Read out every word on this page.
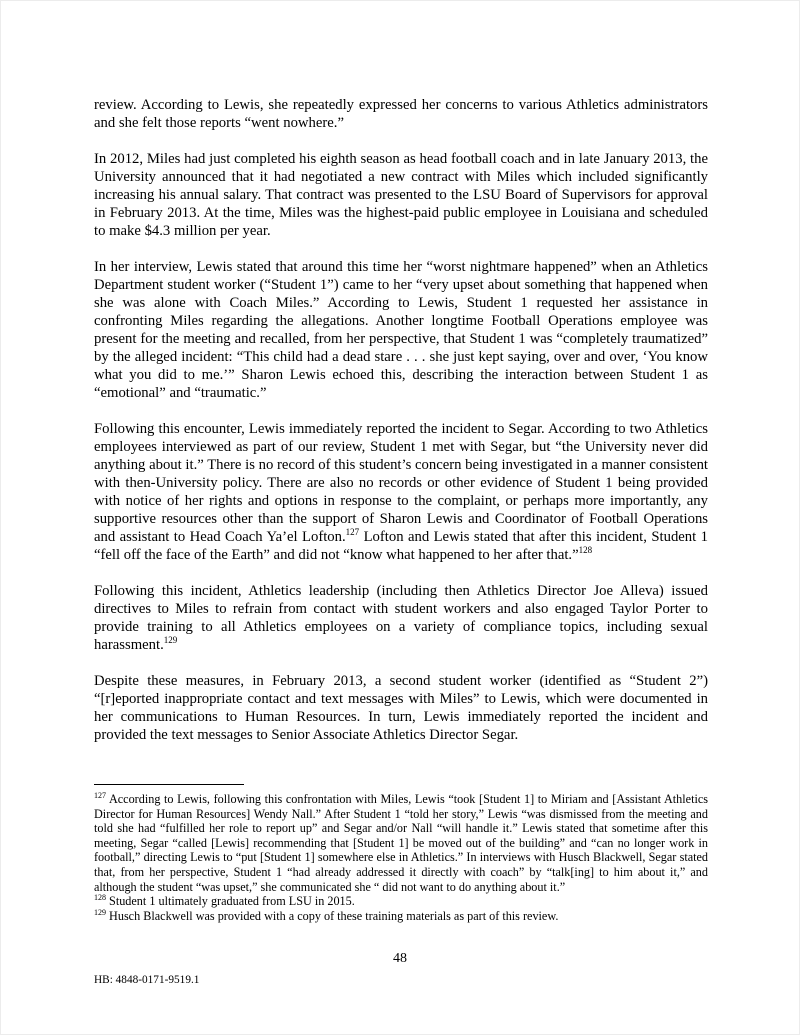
review. According to Lewis, she repeatedly expressed her concerns to various Athletics administrators and she felt those reports “went nowhere.”

In 2012, Miles had just completed his eighth season as head football coach and in late January 2013, the University announced that it had negotiated a new contract with Miles which included significantly increasing his annual salary. That contract was presented to the LSU Board of Supervisors for approval in February 2013. At the time, Miles was the highest-paid public employee in Louisiana and scheduled to make $4.3 million per year.

In her interview, Lewis stated that around this time her “worst nightmare happened” when an Athletics Department student worker (“Student 1”) came to her “very upset about something that happened when she was alone with Coach Miles.” According to Lewis, Student 1 requested her assistance in confronting Miles regarding the allegations. Another longtime Football Operations employee was present for the meeting and recalled, from her perspective, that Student 1 was “completely traumatized” by the alleged incident: “This child had a dead stare . . . she just kept saying, over and over, ‘You know what you did to me.’” Sharon Lewis echoed this, describing the interaction between Student 1 as “emotional” and “traumatic.”

Following this encounter, Lewis immediately reported the incident to Segar. According to two Athletics employees interviewed as part of our review, Student 1 met with Segar, but “the University never did anything about it.” There is no record of this student’s concern being investigated in a manner consistent with then-University policy. There are also no records or other evidence of Student 1 being provided with notice of her rights and options in response to the complaint, or perhaps more importantly, any supportive resources other than the support of Sharon Lewis and Coordinator of Football Operations and assistant to Head Coach Ya’el Lofton.$^{127}$ Lofton and Lewis stated that after this incident, Student 1 “fell off the face of the Earth” and did not “know what happened to her after that.”$^{128}$

Following this incident, Athletics leadership (including then Athletics Director Joe Alleva) issued directives to Miles to refrain from contact with student workers and also engaged Taylor Porter to provide training to all Athletics employees on a variety of compliance topics, including sexual harassment.$^{129}$

Despite these measures, in February 2013, a second student worker (identified as “Student 2”) “[r]eported inappropriate contact and text messages with Miles” to Lewis, which were documented in her communications to Human Resources. In turn, Lewis immediately reported the incident and provided the text messages to Senior Associate Athletics Director Segar.

$^{127}$ According to Lewis, following this confrontation with Miles, Lewis “took [Student 1] to Miriam and [Assistant Athletics Director for Human Resources] Wendy Nall.” After Student 1 “told her story,” Lewis “was dismissed from the meeting and told she had “fulfilled her role to report up” and Segar and/or Nall “will handle it.” Lewis stated that sometime after this meeting, Segar “called [Lewis] recommending that [Student 1] be moved out of the building” and “can no longer work in football,” directing Lewis to “put [Student 1] somewhere else in Athletics.” In interviews with Husch Blackwell, Segar stated that, from her perspective, Student 1 “had already addressed it directly with coach” by “talk[ing] to him about it,” and although the student “was upset,” she communicated she “ did not want to do anything about it.”

$^{128}$ Student 1 ultimately graduated from LSU in 2015.

$^{129}$ Husch Blackwell was provided with a copy of these training materials as part of this review.

48
HB: 4848-0171-9519.1
